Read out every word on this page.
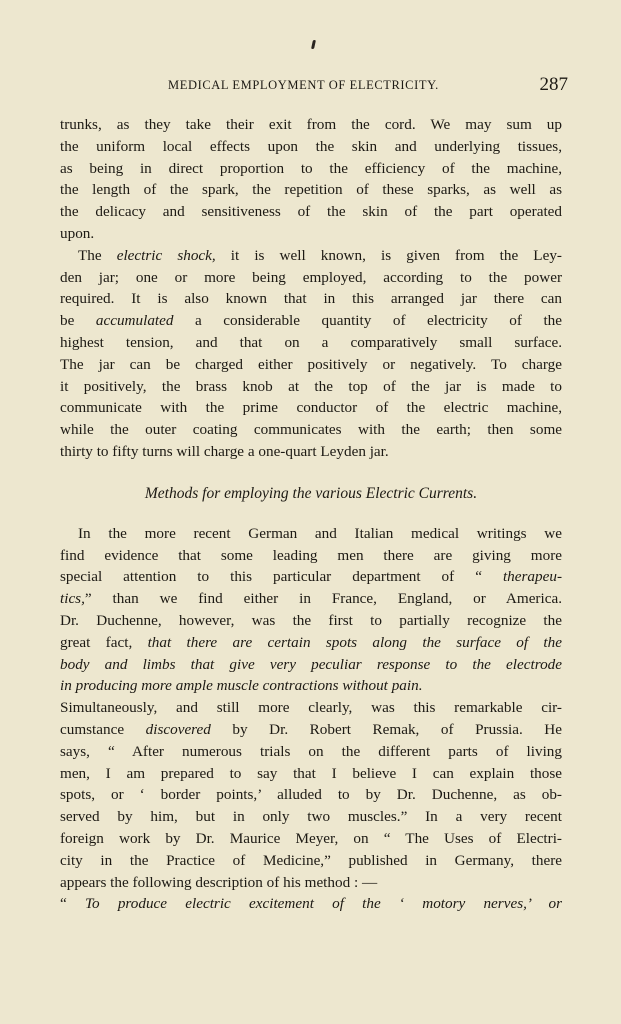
MEDICAL EMPLOYMENT OF ELECTRICITY.	287
trunks, as they take their exit from the cord. We may sum up
the uniform local effects upon the skin and underlying tissues,
as being in direct proportion to the efficiency of the machine,
the length of the spark, the repetition of these sparks, as well as
the delicacy and sensitiveness of the skin of the part operated
upon.
The electric shock, it is well known, is given from the Ley-
den jar; one or more being employed, according to the power
required. It is also known that in this arranged jar there can
be accumulated a considerable quantity of electricity of the
highest tension, and that on a comparatively small surface.
The jar can be charged either positively or negatively. To charge
it positively, the brass knob at the top of the jar is made to
communicate with the prime conductor of the electric machine,
while the outer coating communicates with the earth; then some
thirty to fifty turns will charge a one-quart Leyden jar.
Methods for employing the various Electric Currents.
In the more recent German and Italian medical writings we
find evidence that some leading men there are giving more
special attention to this particular department of “ therapeu-
tics,” than we find either in France, England, or America.
Dr. Duchenne, however, was the first to partially recognize the
great fact, that there are certain spots along the surface of the
body and limbs that give very peculiar response to the electrode
in producing more ample muscle contractions without pain.
Simultaneously, and still more clearly, was this remarkable cir-
cumstance discovered by Dr. Robert Remak, of Prussia. He
says, “ After numerous trials on the different parts of living
men, I am prepared to say that I believe I can explain those
spots, or ‘ border points,’ alluded to by Dr. Duchenne, as ob-
served by him, but in only two muscles.” In a very recent
foreign work by Dr. Maurice Meyer, on “ The Uses of Electri-
city in the Practice of Medicine,” published in Germany, there
appears the following description of his method : —
“ To produce electric excitement of the ‘ motory nerves,’ or
